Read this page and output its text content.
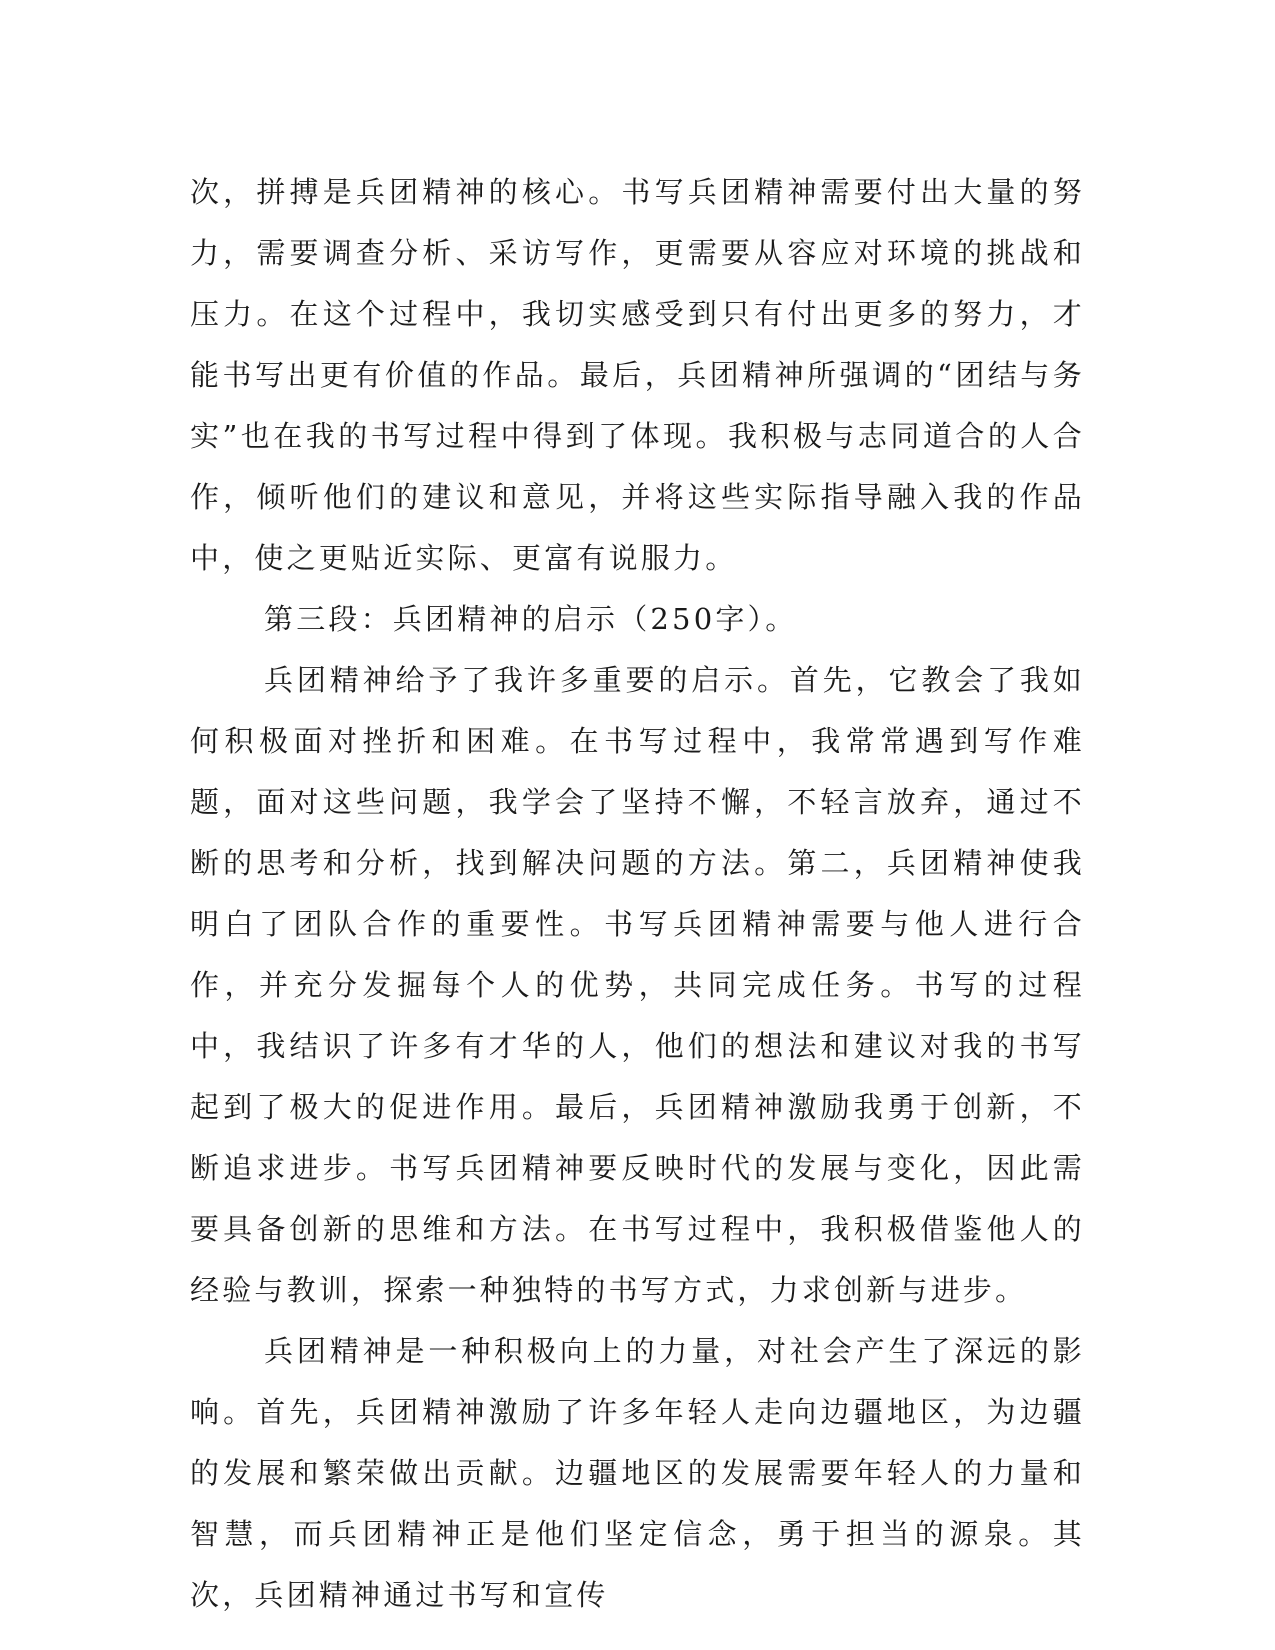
次，拼搏是兵团精神的核心。书写兵团精神需要付出大量的努力，需要调查分析、采访写作，更需要从容应对环境的挑战和压力。在这个过程中，我切实感受到只有付出更多的努力，才能书写出更有价值的作品。最后，兵团精神所强调的“团结与务实”也在我的书写过程中得到了体现。我积极与志同道合的人合作，倾听他们的建议和意见，并将这些实际指导融入我的作品中，使之更贴近实际、更富有说服力。

第三段：兵团精神的启示（250字）。

兵团精神给予了我许多重要的启示。首先，它教会了我如何积极面对挫折和困难。在书写过程中，我常常遇到写作难题，面对这些问题，我学会了坚持不懈，不轻言放弃，通过不断的思考和分析，找到解决问题的方法。第二，兵团精神使我明白了团队合作的重要性。书写兵团精神需要与他人进行合作，并充分发掘每个人的优势，共同完成任务。书写的过程中，我结识了许多有才华的人，他们的想法和建议对我的书写起到了极大的促进作用。最后，兵团精神激励我勇于创新，不断追求进步。书写兵团精神要反映时代的发展与变化，因此需要具备创新的思维和方法。在书写过程中，我积极借鉴他人的经验与教训，探索一种独特的书写方式，力求创新与进步。

兵团精神是一种积极向上的力量，对社会产生了深远的影响。首先，兵团精神激励了许多年轻人走向边疆地区，为边疆的发展和繁荣做出贡献。边疆地区的发展需要年轻人的力量和智慧，而兵团精神正是他们坚定信念，勇于担当的源泉。其次，兵团精神通过书写和宣传
